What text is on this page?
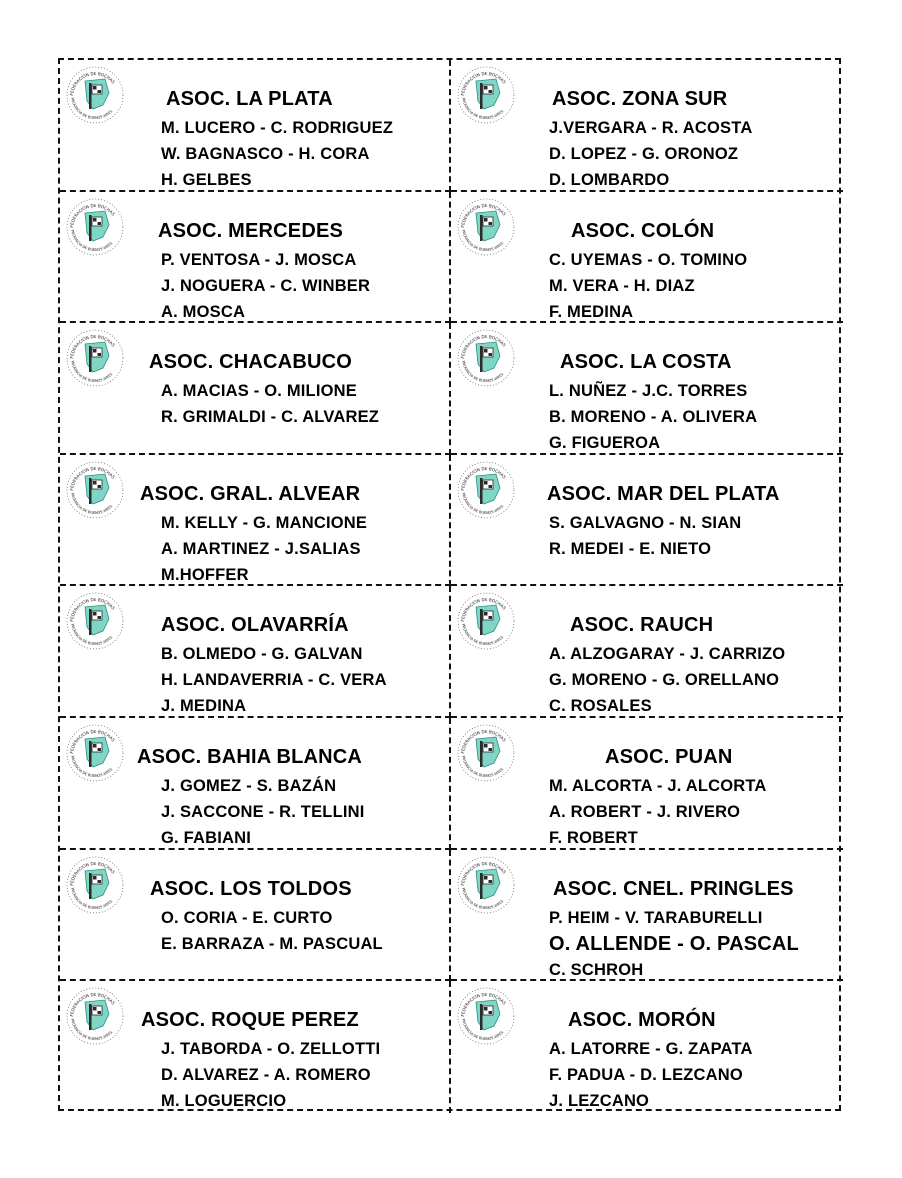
FEDERACION DE BOCHAS
PROVINCIA DE BUENOS AIRES
ASOC. LA PLATA
M. LUCERO - C. RODRIGUEZ
W. BAGNASCO - H. CORA
H. GELBES
FEDERACION DE BOCHAS
PROVINCIA DE BUENOS AIRES
ASOC. ZONA SUR
J.VERGARA - R. ACOSTA
D. LOPEZ - G. ORONOZ
D. LOMBARDO
FEDERACION DE BOCHAS
PROVINCIA DE BUENOS AIRES
ASOC. MERCEDES
P. VENTOSA - J. MOSCA
J. NOGUERA - C. WINBER
A. MOSCA
FEDERACION DE BOCHAS
PROVINCIA DE BUENOS AIRES
ASOC. COLÓN
C. UYEMAS - O. TOMINO
M. VERA - H. DIAZ
F. MEDINA
FEDERACION DE BOCHAS
PROVINCIA DE BUENOS AIRES
ASOC. CHACABUCO
A. MACIAS - O. MILIONE
R. GRIMALDI - C. ALVAREZ
FEDERACION DE BOCHAS
PROVINCIA DE BUENOS AIRES
ASOC. LA COSTA
L. NUÑEZ - J.C. TORRES
B. MORENO - A. OLIVERA
G. FIGUEROA
FEDERACION DE BOCHAS
PROVINCIA DE BUENOS AIRES
ASOC. GRAL. ALVEAR
M. KELLY - G. MANCIONE
A. MARTINEZ - J.SALIAS
M.HOFFER
FEDERACION DE BOCHAS
PROVINCIA DE BUENOS AIRES
ASOC. MAR DEL PLATA
S. GALVAGNO - N. SIAN
R. MEDEI - E. NIETO
FEDERACION DE BOCHAS
PROVINCIA DE BUENOS AIRES
ASOC. OLAVARRÍA
B. OLMEDO - G. GALVAN
H. LANDAVERRIA - C. VERA
J. MEDINA
FEDERACION DE BOCHAS
PROVINCIA DE BUENOS AIRES
ASOC. RAUCH
A. ALZOGARAY - J. CARRIZO
G. MORENO - G. ORELLANO
C. ROSALES
FEDERACION DE BOCHAS
PROVINCIA DE BUENOS AIRES
ASOC. BAHIA BLANCA
J. GOMEZ - S. BAZÁN
J. SACCONE - R. TELLINI
G. FABIANI
FEDERACION DE BOCHAS
PROVINCIA DE BUENOS AIRES
ASOC. PUAN
M. ALCORTA - J. ALCORTA
A. ROBERT - J. RIVERO
F. ROBERT
FEDERACION DE BOCHAS
PROVINCIA DE BUENOS AIRES
ASOC. LOS TOLDOS
O. CORIA - E. CURTO
E. BARRAZA - M. PASCUAL
FEDERACION DE BOCHAS
PROVINCIA DE BUENOS AIRES
ASOC. CNEL. PRINGLES
P. HEIM - V. TARABURELLI
O. ALLENDE - O. PASCAL
C. SCHROH
FEDERACION DE BOCHAS
PROVINCIA DE BUENOS AIRES
ASOC. ROQUE PEREZ
J. TABORDA - O. ZELLOTTI
D. ALVAREZ - A. ROMERO
M. LOGUERCIO
FEDERACION DE BOCHAS
PROVINCIA DE BUENOS AIRES
ASOC. MORÓN
A. LATORRE - G. ZAPATA
F. PADUA - D. LEZCANO
J. LEZCANO
